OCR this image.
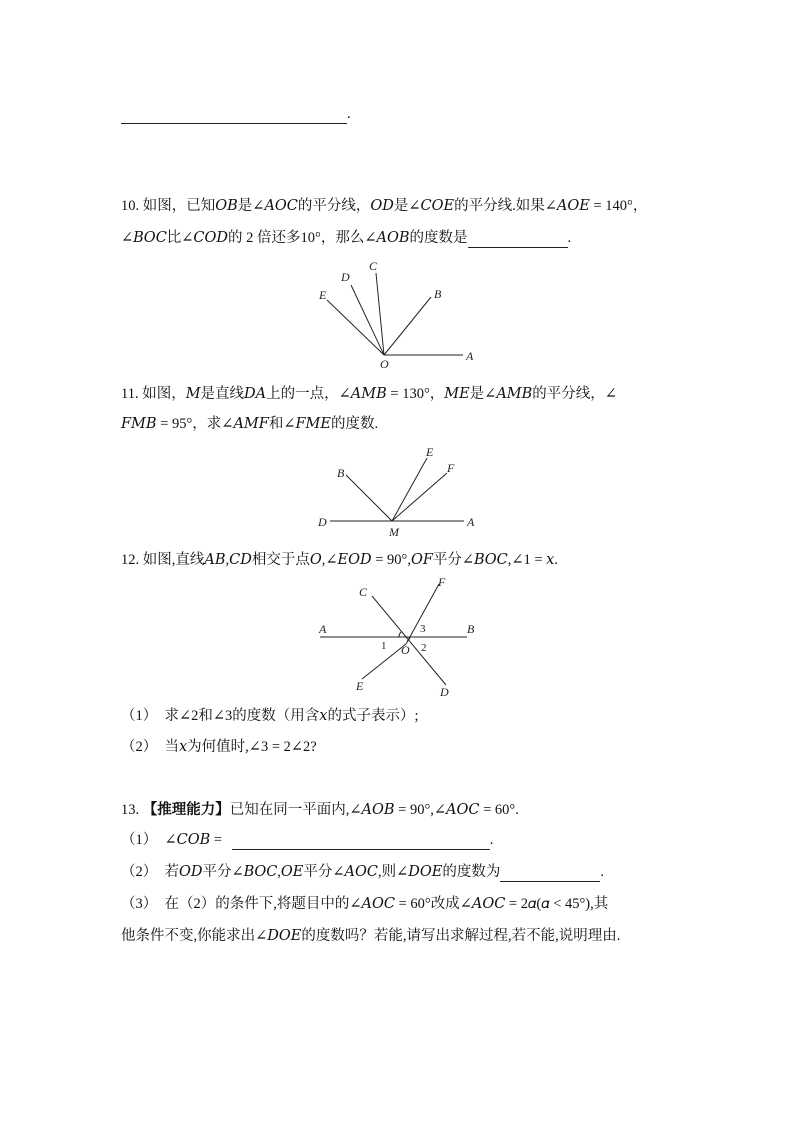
.
10. 如图，已知𝑂𝐵是∠𝐴𝑂𝐶的平分线，𝑂𝐷是∠𝐶𝑂𝐸的平分线.如果∠𝐴𝑂𝐸 = 140°，
∠𝐵𝑂𝐶比∠𝐶𝑂𝐷的 2 倍还多10°，那么∠𝐴𝑂𝐵的度数是	.
A
B
C
D
E
O
11. 如图，𝑀是直线𝐷𝐴上的一点，∠𝐴𝑀𝐵 = 130°，𝑀𝐸是∠𝐴𝑀𝐵的平分线，∠
𝐹𝑀𝐵 = 95°，求∠𝐴𝑀𝐹和∠𝐹𝑀𝐸的度数.
B
E
F
D
M
A
12. 如图,直线𝐴𝐵,𝐶𝐷相交于点𝑂,∠𝐸𝑂𝐷 = 90°,𝑂𝐹平分∠𝐵𝑂𝐶,∠1 = 𝑥.
C
F
A	B
O
E	D
1	2
3
（1）　求∠2和∠3的度数（用含𝑥的式子表示）;
（2）　当𝑥为何值时,∠3 = 2∠2?
13. 【推理能力】已知在同一平面内,∠𝐴𝑂𝐵 = 90°,∠𝐴𝑂𝐶 = 60°.
（1）　∠𝐶𝑂𝐵 =	.
（2）　若𝑂𝐷平分∠𝐵𝑂𝐶,𝑂𝐸平分∠𝐴𝑂𝐶,则∠𝐷𝑂𝐸的度数为	.
（3）　在（2）的条件下,将题目中的∠𝐴𝑂𝐶 = 60°改成∠𝐴𝑂𝐶 = 2𝛼(𝛼 < 45°),其
他条件不变,你能求出∠𝐷𝑂𝐸的度数吗？若能,请写出求解过程,若不能,说明理由.
